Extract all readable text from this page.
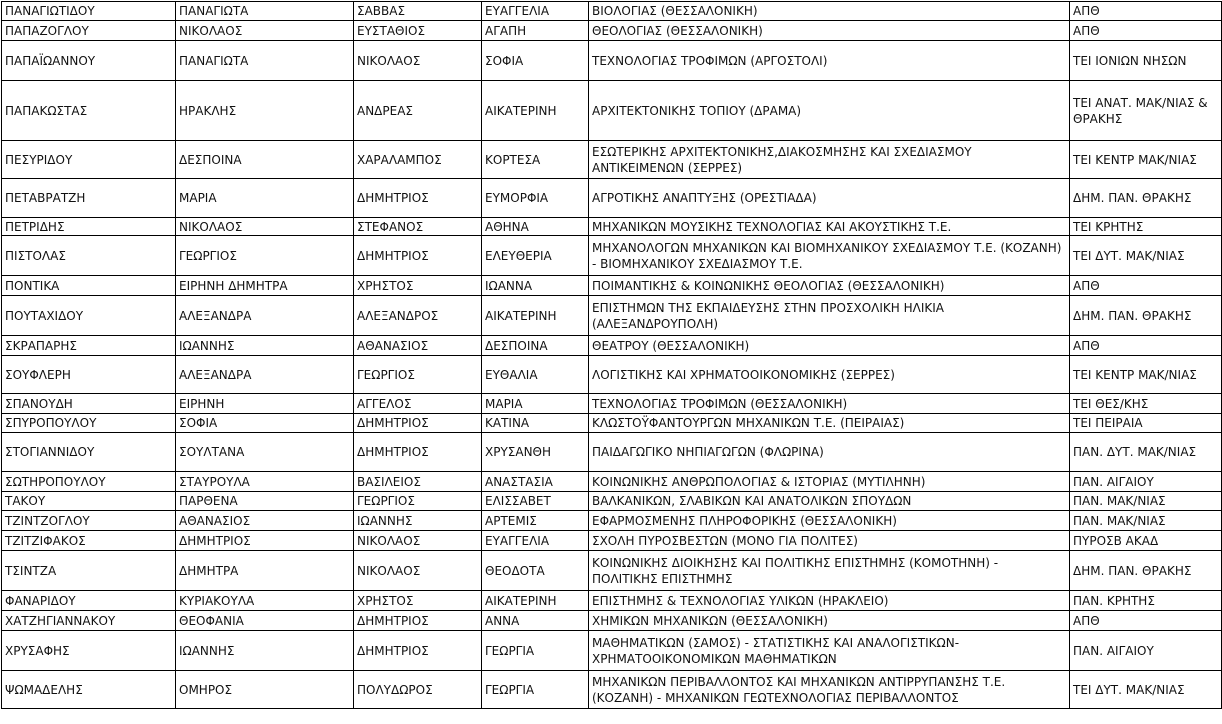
ΠΑΝΑΓΙΩΤΙΔΟΥ	ΠΑΝΑΓΙΩΤΑ	ΣΑΒΒΑΣ	ΕΥΑΓΓΕΛΙΑ	ΒΙΟΛΟΓΙΑΣ (ΘΕΣΣΑΛΟΝΙΚΗ)	ΑΠΘ
ΠΑΠΑΖΟΓΛΟΥ	ΝΙΚΟΛΑΟΣ	ΕΥΣΤΑΘΙΟΣ	ΑΓΑΠΗ	ΘΕΟΛΟΓΙΑΣ (ΘΕΣΣΑΛΟΝΙΚΗ)	ΑΠΘ
ΠΑΠΑΪΩΑΝΝΟΥ	ΠΑΝΑΓΙΩΤΑ	ΝΙΚΟΛΑΟΣ	ΣΟΦΙΑ	ΤΕΧΝΟΛΟΓΙΑΣ ΤΡΟΦΙΜΩΝ (ΑΡΓΟΣΤΟΛΙ)	ΤΕΙ ΙΟΝΙΩΝ ΝΗΣΩΝ
ΠΑΠΑΚΩΣΤΑΣ	ΗΡΑΚΛΗΣ	ΑΝΔΡΕΑΣ	ΑΙΚΑΤΕΡΙΝΗ	ΑΡΧΙΤΕΚΤΟΝΙΚΗΣ ΤΟΠΙΟΥ (ΔΡΑΜΑ)	ΤΕΙ ΑΝΑΤ. ΜΑΚ/ΝΙΑΣ & ΘΡΑΚΗΣ
ΠΕΣΥΡΙΔΟΥ	ΔΕΣΠΟΙΝΑ	ΧΑΡΑΛΑΜΠΟΣ	ΚΟΡΤΕΣΑ	ΕΣΩΤΕΡΙΚΗΣ ΑΡΧΙΤΕΚΤΟΝΙΚΗΣ,ΔΙΑΚΟΣΜΗΣΗΣ ΚΑΙ ΣΧΕΔΙΑΣΜΟΥ ΑΝΤΙΚΕΙΜΕΝΩΝ (ΣΕΡΡΕΣ)	ΤΕΙ ΚΕΝΤΡ ΜΑΚ/ΝΙΑΣ
ΠΕΤΑΒΡΑΤΖΗ	ΜΑΡΙΑ	ΔΗΜΗΤΡΙΟΣ	ΕΥΜΟΡΦΙΑ	ΑΓΡΟΤΙΚΗΣ ΑΝΑΠΤΥΞΗΣ (ΟΡΕΣΤΙΑΔΑ)	ΔΗΜ. ΠΑΝ. ΘΡΑΚΗΣ
ΠΕΤΡΙΔΗΣ	ΝΙΚΟΛΑΟΣ	ΣΤΕΦΑΝΟΣ	ΑΘΗΝΑ	ΜΗΧΑΝΙΚΩΝ ΜΟΥΣΙΚΗΣ ΤΕΧΝΟΛΟΓΙΑΣ ΚΑΙ ΑΚΟΥΣΤΙΚΗΣ Τ.Ε.	ΤΕΙ ΚΡΗΤΗΣ
ΠΙΣΤΟΛΑΣ	ΓΕΩΡΓΙΟΣ	ΔΗΜΗΤΡΙΟΣ	ΕΛΕΥΘΕΡΙΑ	ΜΗΧΑΝΟΛΟΓΩΝ ΜΗΧΑΝΙΚΩΝ ΚΑΙ ΒΙΟΜΗΧΑΝΙΚΟΥ ΣΧΕΔΙΑΣΜΟΥ Τ.Ε. (ΚΟΖΑΝΗ) - ΒΙΟΜΗΧΑΝΙΚΟΥ ΣΧΕΔΙΑΣΜΟΥ Τ.Ε.	ΤΕΙ ΔΥΤ. ΜΑΚ/ΝΙΑΣ
ΠΟΝΤΙΚΑ	ΕΙΡΗΝΗ ΔΗΜΗΤΡΑ	ΧΡΗΣΤΟΣ	ΙΩΑΝΝΑ	ΠΟΙΜΑΝΤΙΚΗΣ & ΚΟΙΝΩΝΙΚΗΣ ΘΕΟΛΟΓΙΑΣ (ΘΕΣΣΑΛΟΝΙΚΗ)	ΑΠΘ
ΠΟΥΤΑΧΙΔΟΥ	ΑΛΕΞΑΝΔΡΑ	ΑΛΕΞΑΝΔΡΟΣ	ΑΙΚΑΤΕΡΙΝΗ	ΕΠΙΣΤΗΜΩΝ ΤΗΣ ΕΚΠΑΙΔΕΥΣΗΣ ΣΤΗΝ ΠΡΟΣΧΟΛΙΚΗ ΗΛΙΚΙΑ (ΑΛΕΞΑΝΔΡΟΥΠΟΛΗ)	ΔΗΜ. ΠΑΝ. ΘΡΑΚΗΣ
ΣΚΡΑΠΑΡΗΣ	ΙΩΑΝΝΗΣ	ΑΘΑΝΑΣΙΟΣ	ΔΕΣΠΟΙΝΑ	ΘΕΑΤΡΟΥ (ΘΕΣΣΑΛΟΝΙΚΗ)	ΑΠΘ
ΣΟΥΦΛΕΡΗ	ΑΛΕΞΑΝΔΡΑ	ΓΕΩΡΓΙΟΣ	ΕΥΘΑΛΙΑ	ΛΟΓΙΣΤΙΚΗΣ ΚΑΙ ΧΡΗΜΑΤΟΟΙΚΟΝΟΜΙΚΗΣ (ΣΕΡΡΕΣ)	ΤΕΙ ΚΕΝΤΡ ΜΑΚ/ΝΙΑΣ
ΣΠΑΝΟΥΔΗ	ΕΙΡΗΝΗ	ΑΓΓΕΛΟΣ	ΜΑΡΙΑ	ΤΕΧΝΟΛΟΓΙΑΣ ΤΡΟΦΙΜΩΝ (ΘΕΣΣΑΛΟΝΙΚΗ)	ΤΕΙ ΘΕΣ/ΚΗΣ
ΣΠΥΡΟΠΟΥΛΟΥ	ΣΟΦΙΑ	ΔΗΜΗΤΡΙΟΣ	ΚΑΤΙΝΑ	ΚΛΩΣΤΟΫΦΑΝΤΟΥΡΓΩΝ ΜΗΧΑΝΙΚΩΝ Τ.Ε. (ΠΕΙΡΑΙΑΣ)	ΤΕΙ ΠΕΙΡΑΙΑ
ΣΤΟΓΙΑΝΝΙΔΟΥ	ΣΟΥΛΤΑΝΑ	ΔΗΜΗΤΡΙΟΣ	ΧΡΥΣΑΝΘΗ	ΠΑΙΔΑΓΩΓΙΚΟ ΝΗΠΙΑΓΩΓΩΝ (ΦΛΩΡΙΝΑ)	ΠΑΝ. ΔΥΤ. ΜΑΚ/ΝΙΑΣ
ΣΩΤΗΡΟΠΟΥΛΟΥ	ΣΤΑΥΡΟΥΛΑ	ΒΑΣΙΛΕΙΟΣ	ΑΝΑΣΤΑΣΙΑ	ΚΟΙΝΩΝΙΚΗΣ ΑΝΘΡΩΠΟΛΟΓΙΑΣ & ΙΣΤΟΡΙΑΣ (ΜΥΤΙΛΗΝΗ)	ΠΑΝ. ΑΙΓΑΙΟΥ
ΤΑΚΟΥ	ΠΑΡΘΕΝΑ	ΓΕΩΡΓΙΟΣ	ΕΛΙΣΣΑΒΕΤ	ΒΑΛΚΑΝΙΚΩΝ, ΣΛΑΒΙΚΩΝ ΚΑΙ ΑΝΑΤΟΛΙΚΩΝ ΣΠΟΥΔΩΝ	ΠΑΝ. ΜΑΚ/ΝΙΑΣ
ΤΖΙΝΤΖΟΓΛΟΥ	ΑΘΑΝΑΣΙΟΣ	ΙΩΑΝΝΗΣ	ΑΡΤΕΜΙΣ	ΕΦΑΡΜΟΣΜΕΝΗΣ ΠΛΗΡΟΦΟΡΙΚΗΣ (ΘΕΣΣΑΛΟΝΙΚΗ)	ΠΑΝ. ΜΑΚ/ΝΙΑΣ
ΤΖΙΤΖΙΦΑΚΟΣ	ΔΗΜΗΤΡΙΟΣ	ΝΙΚΟΛΑΟΣ	ΕΥΑΓΓΕΛΙΑ	ΣΧΟΛΗ ΠΥΡΟΣΒΕΣΤΩΝ (ΜΟΝΟ ΓΙΑ ΠΟΛΙΤΕΣ)	ΠΥΡΟΣΒ ΑΚΑΔ
ΤΣΙΝΤΖΑ	ΔΗΜΗΤΡΑ	ΝΙΚΟΛΑΟΣ	ΘΕΟΔΟΤΑ	ΚΟΙΝΩΝΙΚΗΣ ΔΙΟΙΚΗΣΗΣ ΚΑΙ ΠΟΛΙΤΙΚΗΣ ΕΠΙΣΤΗΜΗΣ (ΚΟΜΟΤΗΝΗ) - ΠΟΛΙΤΙΚΗΣ ΕΠΙΣΤΗΜΗΣ	ΔΗΜ. ΠΑΝ. ΘΡΑΚΗΣ
ΦΑΝΑΡΙΔΟΥ	ΚΥΡΙΑΚΟΥΛΑ	ΧΡΗΣΤΟΣ	ΑΙΚΑΤΕΡΙΝΗ	ΕΠΙΣΤΗΜΗΣ & ΤΕΧΝΟΛΟΓΙΑΣ ΥΛΙΚΩΝ (ΗΡΑΚΛΕΙΟ)	ΠΑΝ. ΚΡΗΤΗΣ
ΧΑΤΖΗΓΙΑΝΝΑΚΟΥ	ΘΕΟΦΑΝΙΑ	ΔΗΜΗΤΡΙΟΣ	ΑΝΝΑ	ΧΗΜΙΚΩΝ ΜΗΧΑΝΙΚΩΝ (ΘΕΣΣΑΛΟΝΙΚΗ)	ΑΠΘ
ΧΡΥΣΑΦΗΣ	ΙΩΑΝΝΗΣ	ΔΗΜΗΤΡΙΟΣ	ΓΕΩΡΓΙΑ	ΜΑΘΗΜΑΤΙΚΩΝ (ΣΑΜΟΣ) - ΣΤΑΤΙΣΤΙΚΗΣ ΚΑΙ ΑΝΑΛΟΓΙΣΤΙΚΩΝ-ΧΡΗΜΑΤΟΟΙΚΟΝΟΜΙΚΩΝ ΜΑΘΗΜΑΤΙΚΩΝ	ΠΑΝ. ΑΙΓΑΙΟΥ
ΨΩΜΑΔΕΛΗΣ	ΟΜΗΡΟΣ	ΠΟΛΥΔΩΡΟΣ	ΓΕΩΡΓΙΑ	ΜΗΧΑΝΙΚΩΝ ΠΕΡΙΒΑΛΛΟΝΤΟΣ ΚΑΙ ΜΗΧΑΝΙΚΩΝ ΑΝΤΙΡΡΥΠΑΝΣΗΣ Τ.Ε. (ΚΟΖΑΝΗ) - ΜΗΧΑΝΙΚΩΝ ΓΕΩΤΕΧΝΟΛΟΓΙΑΣ ΠΕΡΙΒΑΛΛΟΝΤΟΣ	ΤΕΙ ΔΥΤ. ΜΑΚ/ΝΙΑΣ
